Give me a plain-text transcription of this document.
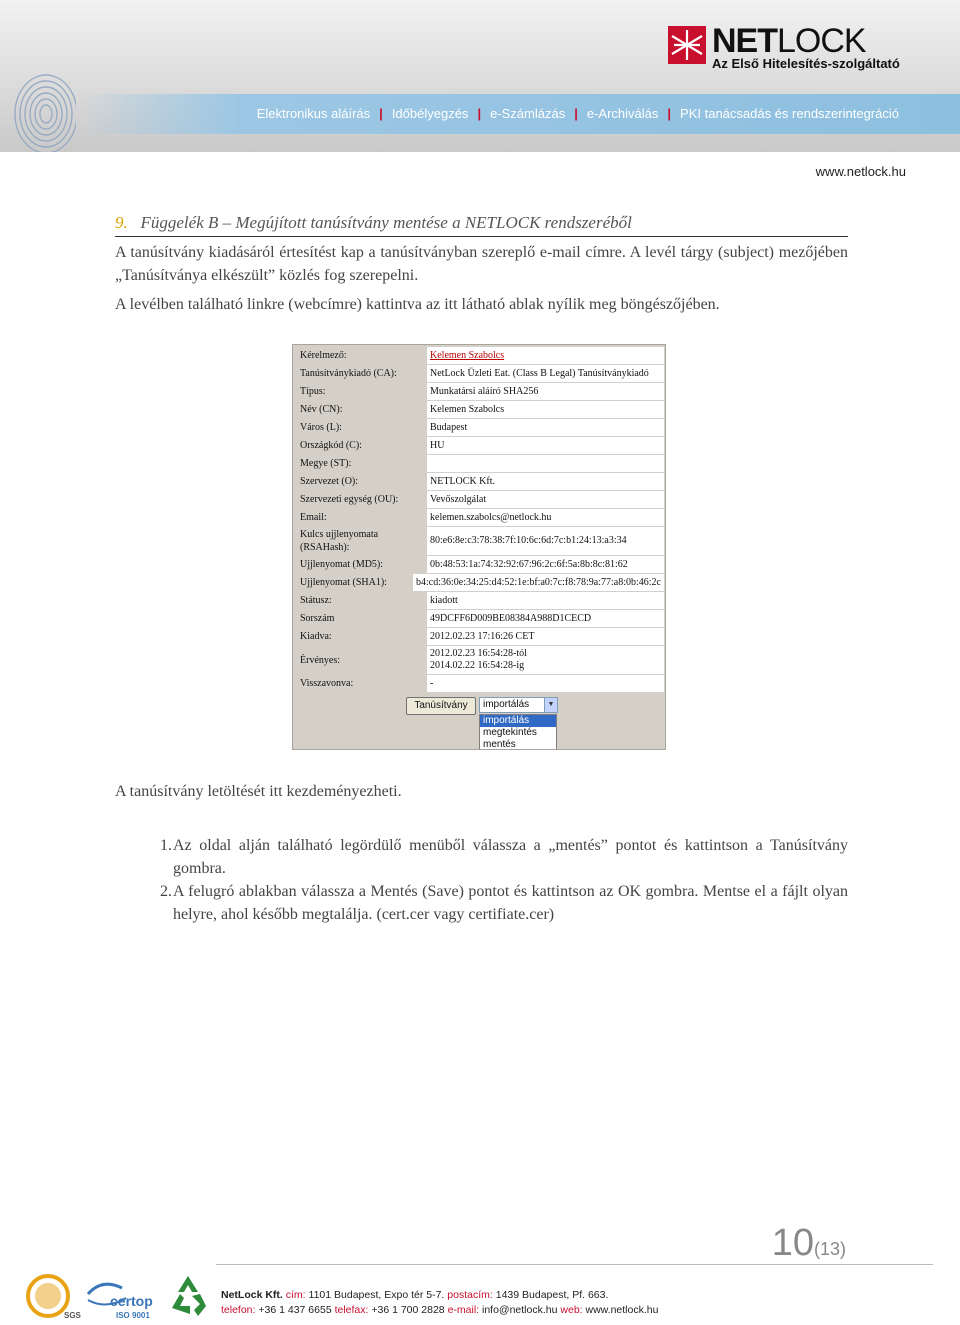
NETLOCK
Az Első Hitelesítés-szolgáltató
Elektronikus aláírás | Időbélyegzés | e-Számlázás | e-Archiválás | PKI tanácsadás és rendszerintegráció
www.netlock.hu
9. Függelék B – Megújított tanúsítvány mentése a NETLOCK rendszeréből
A tanúsítvány kiadásáról értesítést kap a tanúsítványban szereplő e-mail címre. A levél tárgy (subject) mezőjében „Tanúsítványa elkészült” közlés fog szerepelni.
A levélben található linkre (webcímre) kattintva az itt látható ablak nyílik meg böngészőjében.
Kérelmező:	Kelemen Szabolcs
Tanúsítványkiadó (CA):	NetLock Üzleti Eat. (Class B Legal) Tanúsítványkiadó
Típus:	Munkatársi aláíró SHA256
Név (CN):	Kelemen Szabolcs
Város (L):	Budapest
Országkód (C):	HU
Megye (ST):
Szervezet (O):	NETLOCK Kft.
Szervezeti egység (OU):	Vevőszolgálat
Email:	kelemen.szabolcs@netlock.hu
Kulcs ujjlenyomata (RSAHash):
80:e6:8e:c3:78:38:7f:10:6c:6d:7c:b1:24:13:a3:34
Ujjlenyomat (MD5):	0b:48:53:1a:74:32:92:67:96:2c:6f:5a:8b:8c:81:62
Ujjlenyomat (SHA1):	b4:cd:36:0e:34:25:d4:52:1e:bf:a0:7c:f8:78:9a:77:a8:0b:46:2c
Státusz:	kiadott
Sorszám	49DCFF6D009BE08384A988D1CECD
Kiadva:	2012.02.23 17:16:26 CET
Érvényes:
2012.02.23 16:54:28-tól
2014.02.22 16:54:28-ig
Visszavonva:	-
Tanúsítvány	importálás	▼
importálás
megtekintés
mentés
A tanúsítvány letöltését itt kezdeményezheti.
1. Az oldal alján található legördülő menüből válassza a „mentés” pontot és kattintson a Tanúsítvány gombra.
2. A felugró ablakban válassza a Mentés (Save) pontot és kattintson az OK gombra. Mentse el a fájlt olyan helyre, ahol később megtalálja. (cert.cer vagy certifiate.cer)
10(13)
SGS
certop
ISO 9001
NetLock Kft. cím: 1101 Budapest, Expo tér 5-7. postacím: 1439 Budapest, Pf. 663.
telefon: +36 1 437 6655 telefax: +36 1 700 2828 e-mail: info@netlock.hu web: www.netlock.hu
